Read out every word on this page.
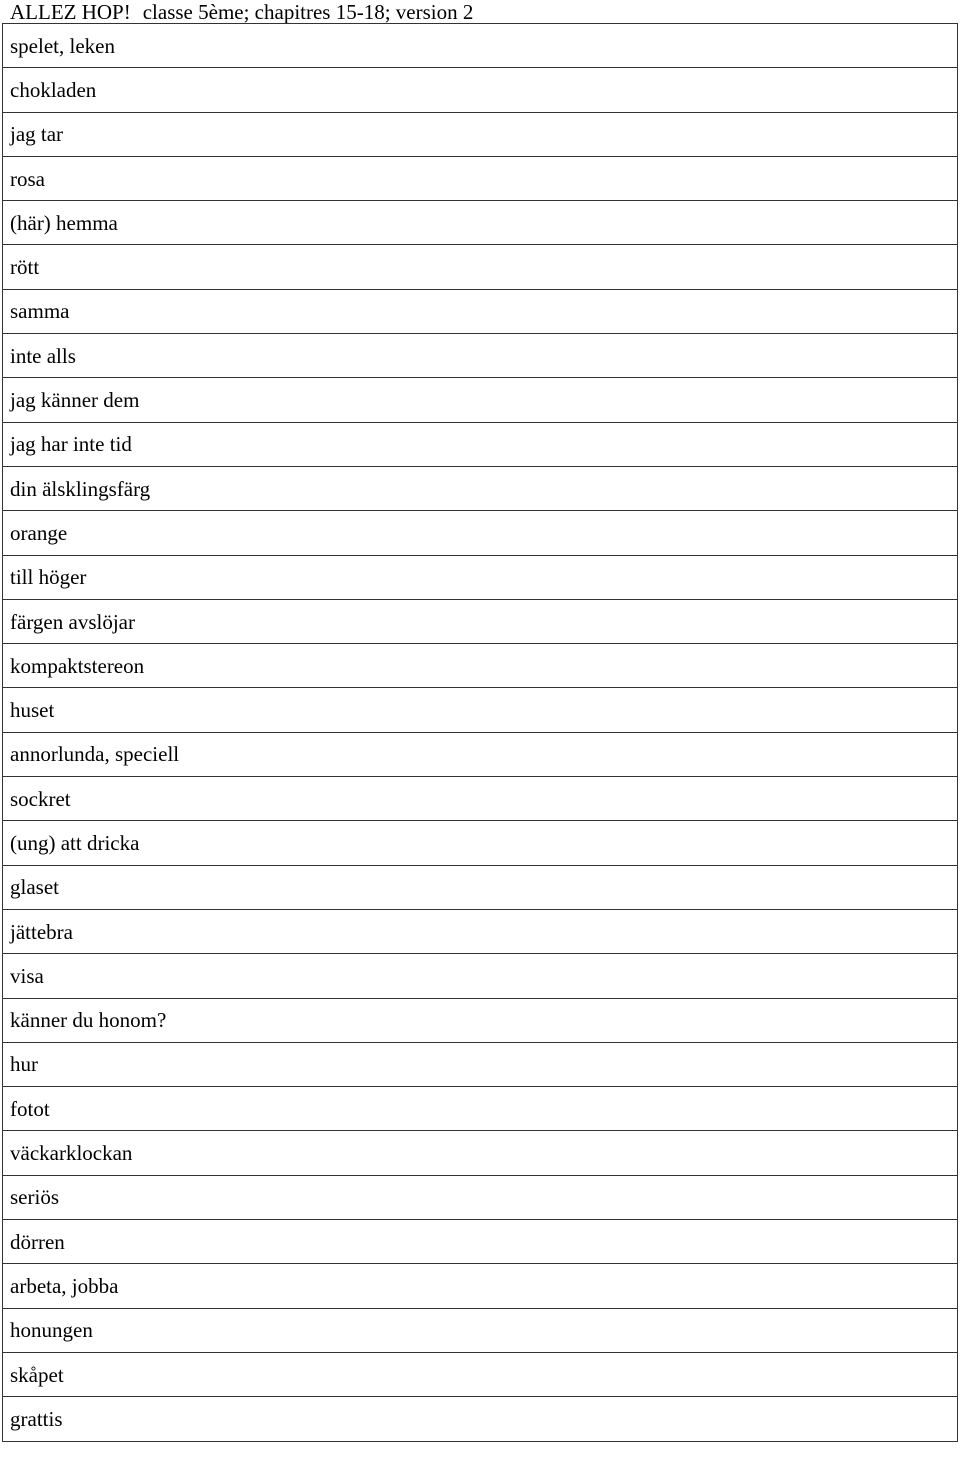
ALLEZ HOP! classe 5ème; chapitres 15-18; version 2
spelet, leken
chokladen
jag tar
rosa
(här) hemma
rött
samma
inte alls
jag känner dem
jag har inte tid
din älsklingsfärg
orange
till höger
färgen avslöjar
kompaktstereon
huset
annorlunda, speciell
sockret
(ung) att dricka
glaset
jättebra
visa
känner du honom?
hur
fotot
väckarklockan
seriös
dörren
arbeta, jobba
honungen
skåpet
grattis
